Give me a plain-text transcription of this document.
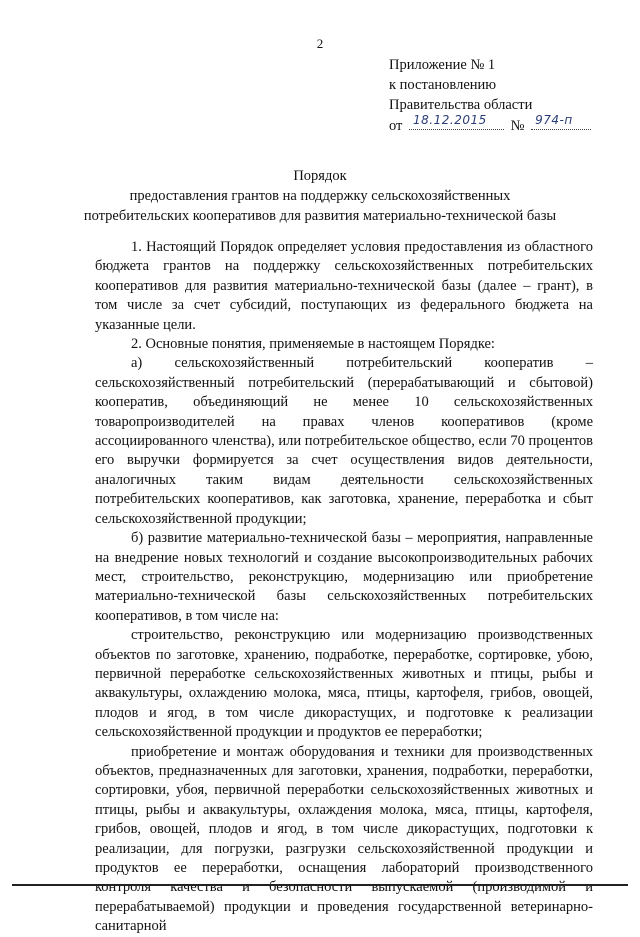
2
Приложение № 1
к постановлению
Правительства области
от 18.12.2015 № 974-п
Порядок
предоставления грантов на поддержку сельскохозяйственных
потребительских кооперативов для развития материально-технической базы

1. Настоящий Порядок определяет условия предоставления из областного бюджета грантов на поддержку сельскохозяйственных потребительских кооперативов для развития материально-технической базы (далее – грант), в том числе за счет субсидий, поступающих из федерального бюджета на указанные цели.

2. Основные понятия, применяемые в настоящем Порядке:

а) сельскохозяйственный потребительский кооператив – сельскохозяйственный потребительский (перерабатывающий и сбытовой) кооператив, объединяющий не менее 10 сельскохозяйственных товаропроизводителей на правах членов кооперативов (кроме ассоциированного членства), или потребительское общество, если 70 процентов его выручки формируется за счет осуществления видов деятельности, аналогичных таким видам деятельности сельскохозяйственных потребительских кооперативов, как заготовка, хранение, переработка и сбыт сельскохозяйственной продукции;

б) развитие материально-технической базы – мероприятия, направленные на внедрение новых технологий и создание высокопроизводительных рабочих мест, строительство, реконструкцию, модернизацию или приобретение материально-технической базы сельскохозяйственных потребительских кооперативов, в том числе на:

строительство, реконструкцию или модернизацию производственных объектов по заготовке, хранению, подработке, переработке, сортировке, убою, первичной переработке сельскохозяйственных животных и птицы, рыбы и аквакультуры, охлаждению молока, мяса, птицы, картофеля, грибов, овощей, плодов и ягод, в том числе дикорастущих, и подготовке к реализации сельскохозяйственной продукции и продуктов ее переработки;

приобретение и монтаж оборудования и техники для производственных объектов, предназначенных для заготовки, хранения, подработки, переработки, сортировки, убоя, первичной переработки сельскохозяйственных животных и птицы, рыбы и аквакультуры, охлаждения молока, мяса, птицы, картофеля, грибов, овощей, плодов и ягод, в том числе дикорастущих, подготовки к реализации, для погрузки, разгрузки сельскохозяйственной продукции и продуктов ее переработки, оснащения лабораторий производственного контроля качества и безопасности выпускаемой (производимой и перерабатываемой) продукции и проведения государственной ветеринарно-санитарной
